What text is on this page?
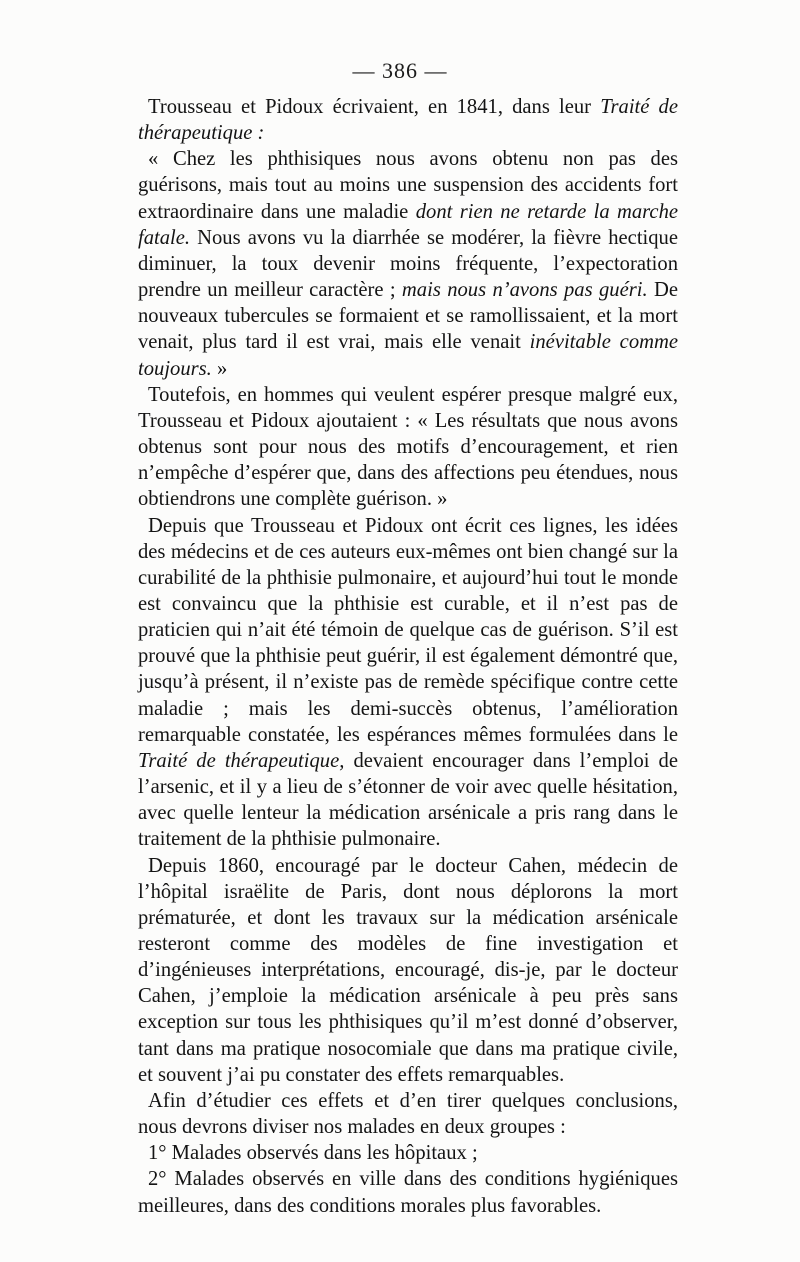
— 386 —

Trousseau et Pidoux écrivaient, en 1841, dans leur Traité de thérapeutique :

« Chez les phthisiques nous avons obtenu non pas des guérisons, mais tout au moins une suspension des accidents fort extraordinaire dans une maladie dont rien ne retarde la marche fatale. Nous avons vu la diarrhée se modérer, la fièvre hectique diminuer, la toux devenir moins fréquente, l’expectoration prendre un meilleur caractère ; mais nous n’avons pas guéri. De nouveaux tubercules se formaient et se ramollissaient, et la mort venait, plus tard il est vrai, mais elle venait inévitable comme toujours. »

Toutefois, en hommes qui veulent espérer presque malgré eux, Trousseau et Pidoux ajoutaient : « Les résultats que nous avons obtenus sont pour nous des motifs d’encouragement, et rien n’empêche d’espérer que, dans des affections peu étendues, nous obtiendrons une complète guérison. »

Depuis que Trousseau et Pidoux ont écrit ces lignes, les idées des médecins et de ces auteurs eux-mêmes ont bien changé sur la curabilité de la phthisie pulmonaire, et aujourd’hui tout le monde est convaincu que la phthisie est curable, et il n’est pas de praticien qui n’ait été témoin de quelque cas de guérison. S’il est prouvé que la phthisie peut guérir, il est également démontré que, jusqu’à présent, il n’existe pas de remède spécifique contre cette maladie ; mais les demi-succès obtenus, l’amélioration remarquable constatée, les espérances mêmes formulées dans le Traité de thérapeutique, devaient encourager dans l’emploi de l’arsenic, et il y a lieu de s’étonner de voir avec quelle hésitation, avec quelle lenteur la médication arsénicale a pris rang dans le traitement de la phthisie pulmonaire.

Depuis 1860, encouragé par le docteur Cahen, médecin de l’hôpital israëlite de Paris, dont nous déplorons la mort prématurée, et dont les travaux sur la médication arsénicale resteront comme des modèles de fine investigation et d’ingénieuses interprétations, encouragé, dis-je, par le docteur Cahen, j’emploie la médication arsénicale à peu près sans exception sur tous les phthisiques qu’il m’est donné d’observer, tant dans ma pratique nosocomiale que dans ma pratique civile, et souvent j’ai pu constater des effets remarquables.

Afin d’étudier ces effets et d’en tirer quelques conclusions, nous devrons diviser nos malades en deux groupes :

1° Malades observés dans les hôpitaux ;

2° Malades observés en ville dans des conditions hygiéniques meilleures, dans des conditions morales plus favorables.
